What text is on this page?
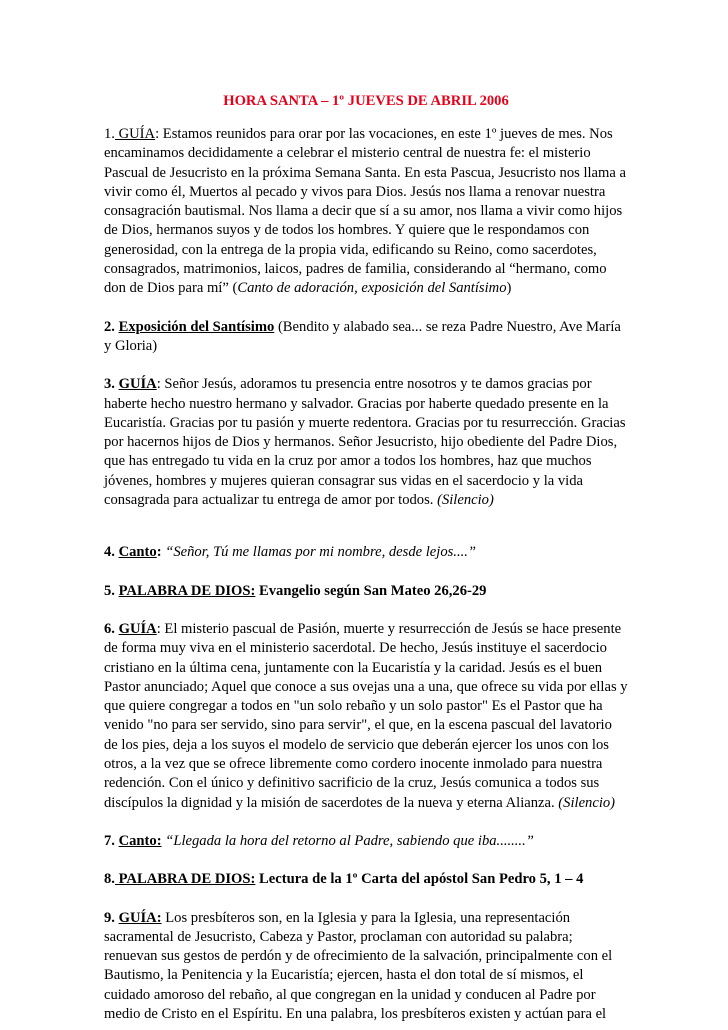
HORA SANTA – 1º JUEVES DE ABRIL 2006

1. GUÍA: Estamos reunidos para orar por las vocaciones, en este 1º jueves de mes. Nos encaminamos decididamente a celebrar el misterio central de nuestra fe: el misterio Pascual de Jesucristo en la próxima Semana Santa. En esta Pascua, Jesucristo nos llama a vivir como él, Muertos al pecado y vivos para Dios. Jesús nos llama a renovar nuestra consagración bautismal. Nos llama a decir que sí a su amor, nos llama a vivir como hijos de Dios, hermanos suyos y de todos los hombres. Y quiere que le respondamos con generosidad, con la entrega de la propia vida, edificando su Reino, como sacerdotes, consagrados, matrimonios, laicos, padres de familia, considerando al “hermano, como don de Dios para mí” (Canto de adoración, exposición del Santísimo)

2. Exposición del Santísimo (Bendito y alabado sea... se reza Padre Nuestro, Ave María y Gloria)

3. GUÍA: Señor Jesús, adoramos tu presencia entre nosotros y te damos gracias por haberte hecho nuestro hermano y salvador. Gracias por haberte quedado presente en la Eucaristía. Gracias por tu pasión y muerte redentora. Gracias por tu resurrección. Gracias por hacernos hijos de Dios y hermanos. Señor Jesucristo, hijo obediente del Padre Dios, que has entregado tu vida en la cruz por amor a todos los hombres, haz que muchos jóvenes, hombres y mujeres quieran consagrar sus vidas en el sacerdocio y la vida consagrada para actualizar tu entrega de amor por todos. (Silencio)

4. Canto: “Señor, Tú me llamas por mi nombre, desde lejos....”

5. PALABRA DE DIOS: Evangelio según San Mateo 26,26-29

6. GUÍA: El misterio pascual de Pasión, muerte y resurrección de Jesús se hace presente de forma muy viva en el ministerio sacerdotal. De hecho, Jesús instituye el sacerdocio cristiano en la última cena, juntamente con la Eucaristía y la caridad. Jesús es el buen Pastor anunciado; Aquel que conoce a sus ovejas una a una, que ofrece su vida por ellas y que quiere congregar a todos en "un solo rebaño y un solo pastor" Es el Pastor que ha venido "no para ser servido, sino para servir", el que, en la escena pascual del lavatorio de los pies, deja a los suyos el modelo de servicio que deberán ejercer los unos con los otros, a la vez que se ofrece libremente como cordero inocente inmolado para nuestra redención. Con el único y definitivo sacrificio de la cruz, Jesús comunica a todos sus discípulos la dignidad y la misión de sacerdotes de la nueva y eterna Alianza. (Silencio)

7. Canto: “Llegada la hora del retorno al Padre, sabiendo que iba........”

8. PALABRA DE DIOS: Lectura de la 1º Carta del apóstol San Pedro 5, 1 – 4

9. GUÍA: Los presbíteros son, en la Iglesia y para la Iglesia, una representación sacramental de Jesucristo, Cabeza y Pastor, proclaman con autoridad su palabra; renuevan sus gestos de perdón y de ofrecimiento de la salvación, principalmente con el Bautismo, la Penitencia y la Eucaristía; ejercen, hasta el don total de sí mismos, el cuidado amoroso del rebaño, al que congregan en la unidad y conducen al Padre por medio de Cristo en el Espíritu. En una palabra, los presbíteros existen y actúan para el
